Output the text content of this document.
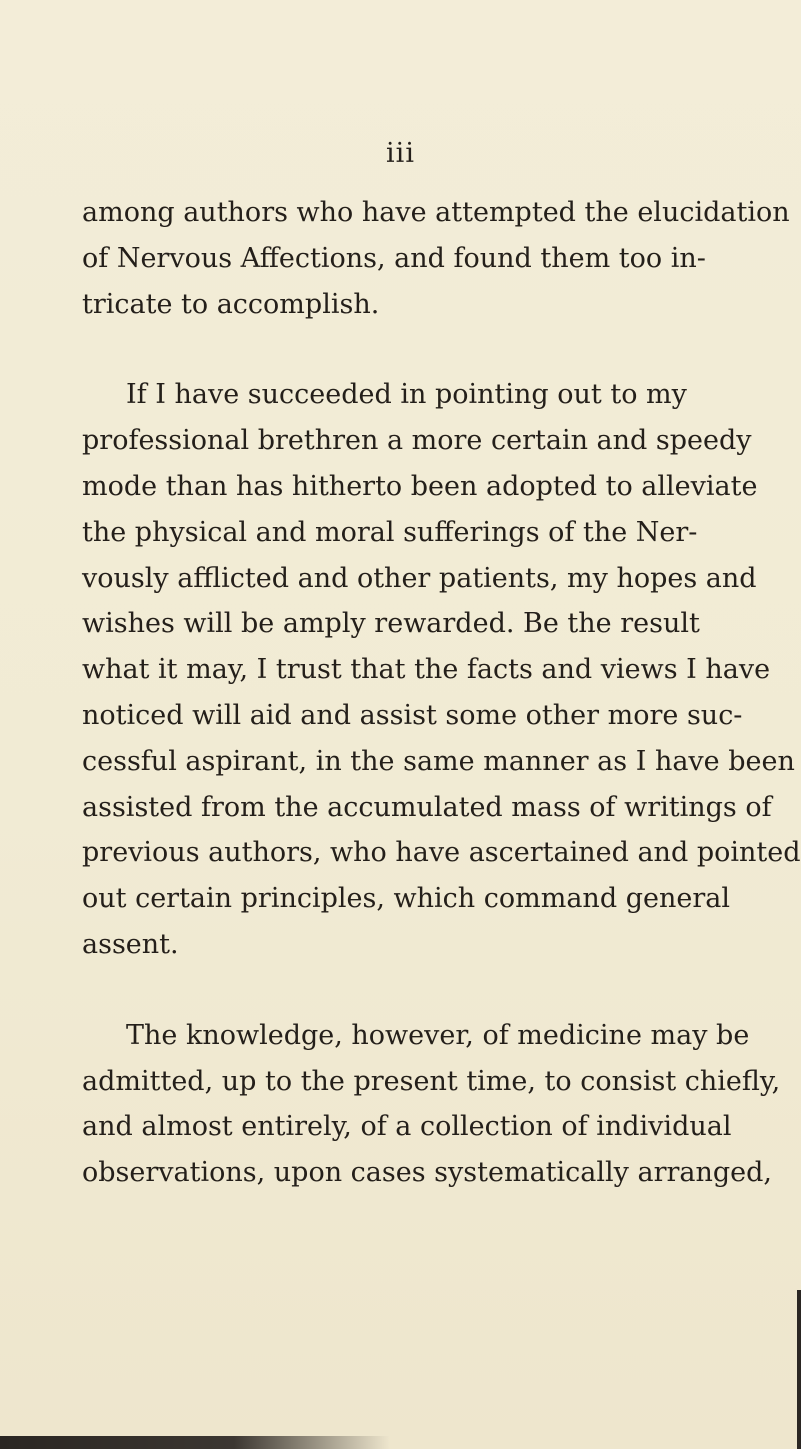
iii

among authors who have attempted the elucidation
of Nervous Affections, and found them too in-
tricate to accomplish.

If I have succeeded in pointing out to my
professional brethren a more certain and speedy
mode than has hitherto been adopted to alleviate
the physical and moral sufferings of the Ner-
vously afflicted and other patients, my hopes and
wishes will be amply rewarded. Be the result
what it may, I trust that the facts and views I have
noticed will aid and assist some other more suc-
cessful aspirant, in the same manner as I have been
assisted from the accumulated mass of writings of
previous authors, who have ascertained and pointed
out certain principles, which command general
assent.

The knowledge, however, of medicine may be
admitted, up to the present time, to consist chiefly,
and almost entirely, of a collection of individual
observations, upon cases systematically arranged,
